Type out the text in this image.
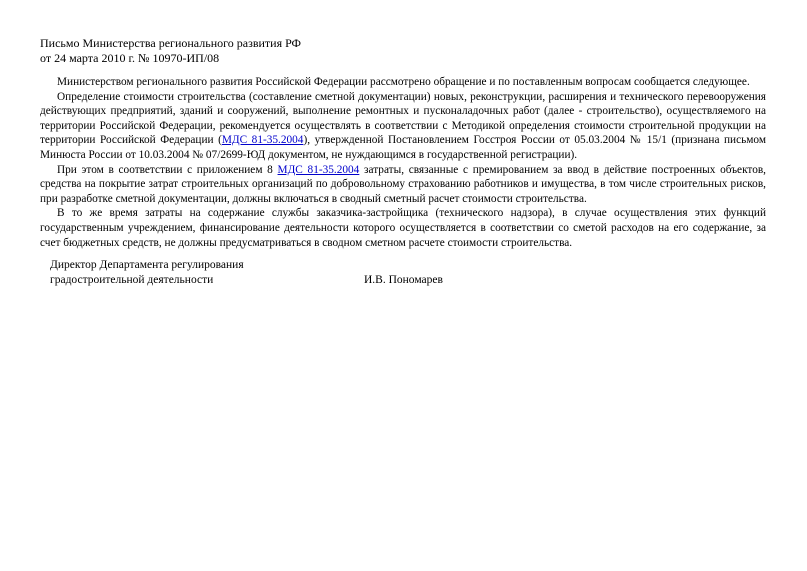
Письмо Министерства регионального развития РФ
от 24 марта 2010 г. № 10970-ИП/08

Министерством регионального развития Российской Федерации рассмотрено обращение и по поставленным вопросам сообщается следующее.

Определение стоимости строительства (составление сметной документации) новых, реконструкции, расширения и технического перевооружения действующих предприятий, зданий и сооружений, выполнение ремонтных и пусконаладочных работ (далее - строительство), осуществляемого на территории Российской Федерации, рекомендуется осуществлять в соответствии с Методикой определения стоимости строительной продукции на территории Российской Федерации (МДС 81-35.2004), утвержденной Постановлением Госстроя России от 05.03.2004 № 15/1 (признана письмом Минюста России от 10.03.2004 № 07/2699-ЮД документом, не нуждающимся в государственной регистрации).

При этом в соответствии с приложением 8 МДС 81-35.2004 затраты, связанные с премированием за ввод в действие построенных объектов, средства на покрытие затрат строительных организаций по добровольному страхованию работников и имущества, в том числе строительных рисков, при разработке сметной документации, должны включаться в сводный сметный расчет стоимости строительства.

В то же время затраты на содержание службы заказчика-застройщика (технического надзора), в случае осуществления этих функций государственным учреждением, финансирование деятельности которого осуществляется в соответствии со сметой расходов на его содержание, за счет бюджетных средств, не должны предусматриваться в сводном сметном расчете стоимости строительства.

Директор Департамента регулирования
градостроительной деятельности	И.В. Пономарев
